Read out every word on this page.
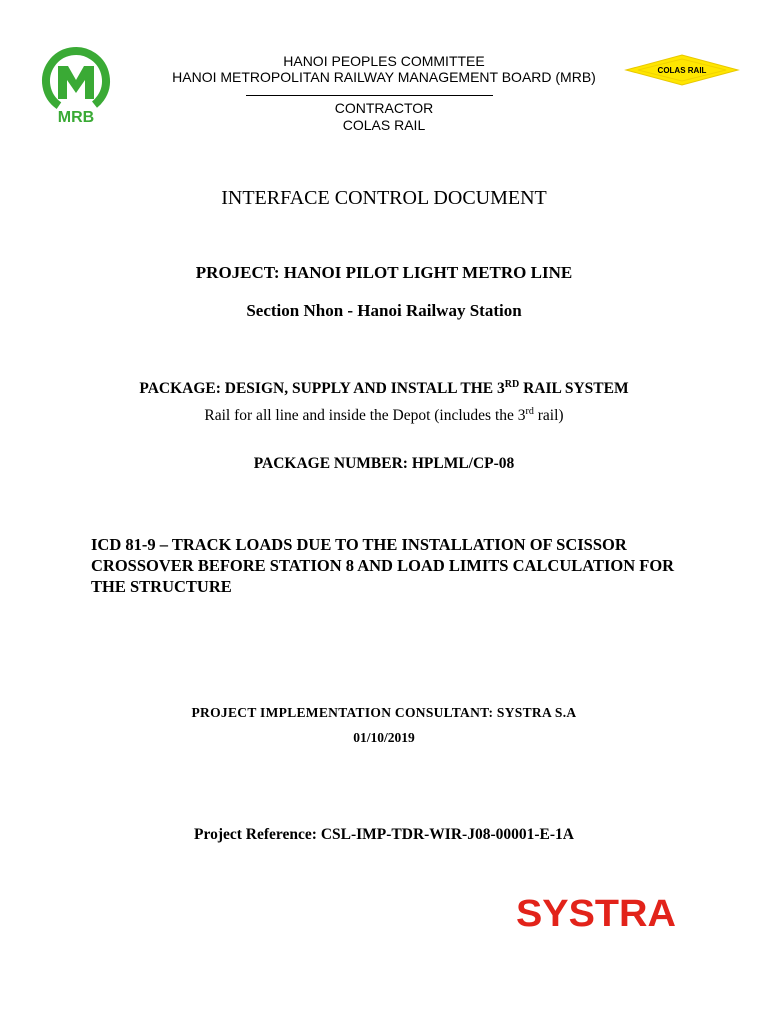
MRB
COLAS RAIL
HANOI PEOPLES COMMITTEE
HANOI METROPOLITAN RAILWAY MANAGEMENT BOARD (MRB)
CONTRACTOR
COLAS RAIL
INTERFACE CONTROL DOCUMENT
PROJECT: HANOI PILOT LIGHT METRO LINE
Section Nhon - Hanoi Railway Station
PACKAGE: DESIGN, SUPPLY AND INSTALL THE 3RD RAIL SYSTEM
Rail for all line and inside the Depot (includes the 3rd rail)
PACKAGE NUMBER: HPLML/CP-08
ICD 81-9 – TRACK LOADS DUE TO THE INSTALLATION OF SCISSOR CROSSOVER BEFORE STATION 8 AND LOAD LIMITS CALCULATION FOR THE STRUCTURE
PROJECT IMPLEMENTATION CONSULTANT: SYSTRA S.A
01/10/2019
Project Reference: CSL-IMP-TDR-WIR-J08-00001-E-1A
SYSTRA
